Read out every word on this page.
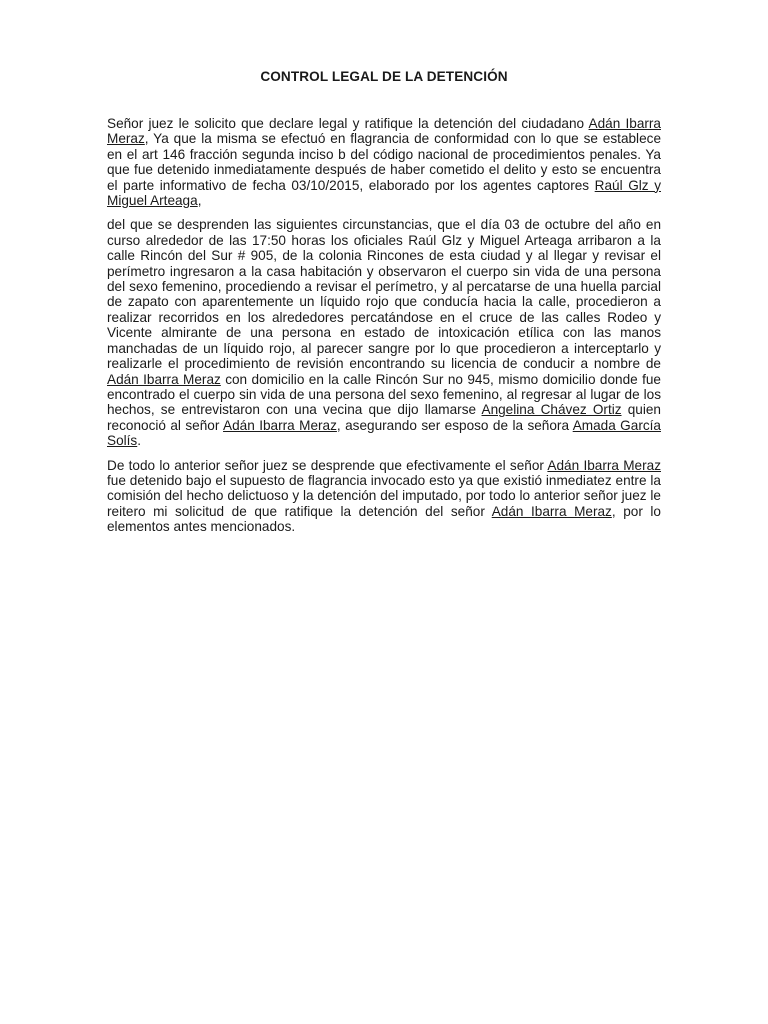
CONTROL LEGAL DE LA DETENCIÓN

Señor juez le solicito que declare legal y ratifique la detención del ciudadano Adán Ibarra Meraz, Ya que la misma se efectuó en flagrancia de conformidad con lo que se establece en el art 146 fracción segunda inciso b del código nacional de procedimientos penales. Ya que fue detenido inmediatamente después de haber cometido el delito y esto se encuentra el parte informativo de fecha 03/10/2015, elaborado por los agentes captores Raúl Glz y Miguel Arteaga,

del que se desprenden las siguientes circunstancias, que el día 03 de octubre del año en curso alrededor de las 17:50 horas los oficiales Raúl Glz y Miguel Arteaga arribaron a la calle Rincón del Sur # 905, de la colonia Rincones de esta ciudad y al llegar y revisar el perímetro ingresaron a la casa habitación y observaron el cuerpo sin vida de una persona del sexo femenino, procediendo a revisar el perímetro, y al percatarse de una huella parcial de zapato con aparentemente un líquido rojo que conducía hacia la calle, procedieron a realizar recorridos en los alrededores percatándose en el cruce de las calles Rodeo y Vicente almirante de una persona en estado de intoxicación etílica con las manos manchadas de un líquido rojo, al parecer sangre por lo que procedieron a interceptarlo y realizarle el procedimiento de revisión encontrando su licencia de conducir a nombre de Adán Ibarra Meraz con domicilio en la calle Rincón Sur no 945, mismo domicilio donde fue encontrado el cuerpo sin vida de una persona del sexo femenino, al regresar al lugar de los hechos, se entrevistaron con una vecina que dijo llamarse Angelina Chávez Ortiz quien reconoció al señor Adán Ibarra Meraz, asegurando ser esposo de la señora Amada García Solís.

De todo lo anterior señor juez se desprende que efectivamente el señor Adán Ibarra Meraz fue detenido bajo el supuesto de flagrancia invocado esto ya que existió inmediatez entre la comisión del hecho delictuoso y la detención del imputado, por todo lo anterior señor juez le reitero mi solicitud de que ratifique la detención del señor Adán Ibarra Meraz, por lo elementos antes mencionados.
